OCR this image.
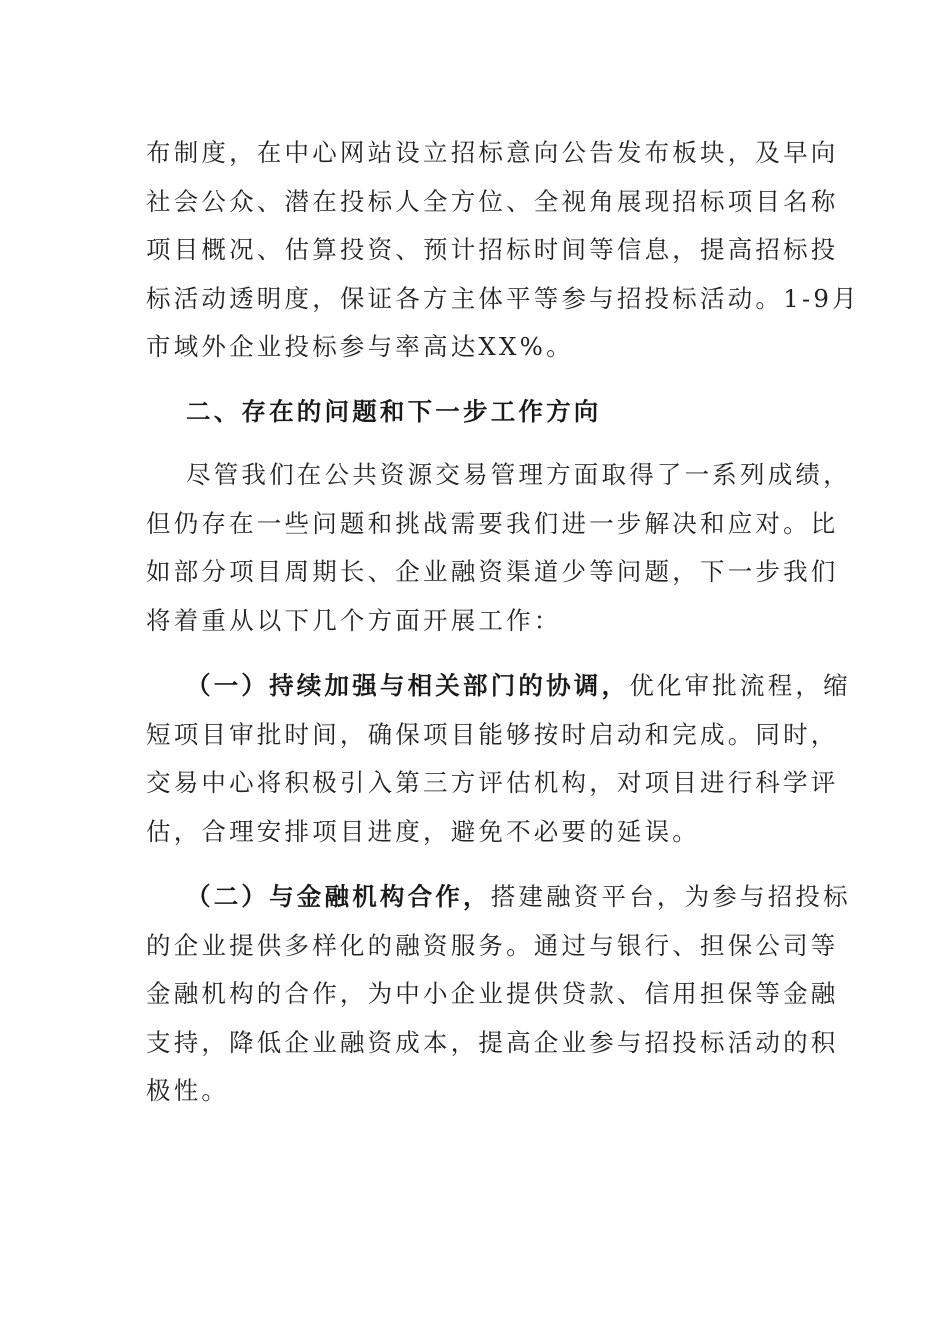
布制度，在中心网站设立招标意向公告发布板块，及早向
社会公众、潜在投标人全方位、全视角展现招标项目名称
项目概况、估算投资、预计招标时间等信息，提高招标投
标活动透明度，保证各方主体平等参与招投标活动。1-9月
市域外企业投标参与率高达XX%。
二、存在的问题和下一步工作方向
尽管我们在公共资源交易管理方面取得了一系列成绩，
但仍存在一些问题和挑战需要我们进一步解决和应对。比
如部分项目周期长、企业融资渠道少等问题，下一步我们
将着重从以下几个方面开展工作：
（一）持续加强与相关部门的协调，优化审批流程，缩
短项目审批时间，确保项目能够按时启动和完成。同时，
交易中心将积极引入第三方评估机构，对项目进行科学评
估，合理安排项目进度，避免不必要的延误。
（二）与金融机构合作，搭建融资平台，为参与招投标
的企业提供多样化的融资服务。通过与银行、担保公司等
金融机构的合作，为中小企业提供贷款、信用担保等金融
支持，降低企业融资成本，提高企业参与招投标活动的积
极性。
